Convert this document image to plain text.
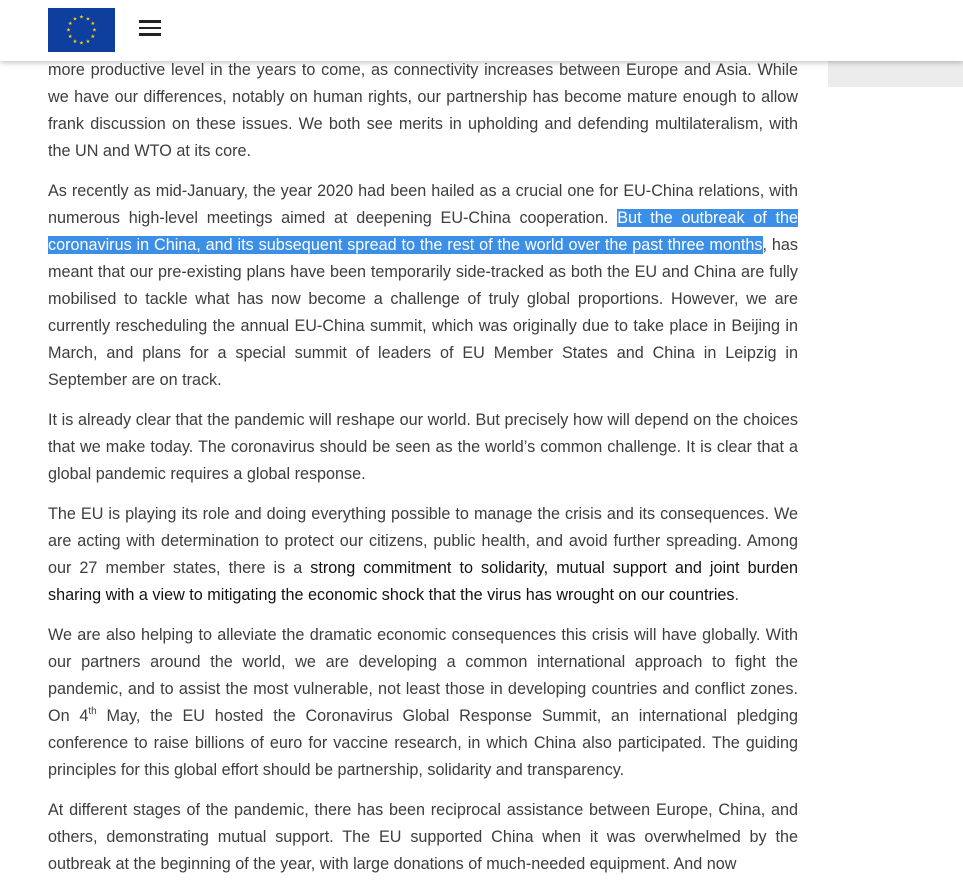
more productive level in the years to come, as connectivity increases between Europe and Asia. While we have our differences, notably on human rights, our partnership has become mature enough to allow frank discussion on these issues. We both see merits in upholding and defending multilateralism, with the UN and WTO at its core.

As recently as mid-January, the year 2020 had been hailed as a crucial one for EU-China relations, with numerous high-level meetings aimed at deepening EU-China cooperation. But the outbreak of the coronavirus in China, and its subsequent spread to the rest of the world over the past three months, has meant that our pre-existing plans have been temporarily side-tracked as both the EU and China are fully mobilised to tackle what has now become a challenge of truly global proportions. However, we are currently rescheduling the annual EU-China summit, which was originally due to take place in Beijing in March, and plans for a special summit of leaders of EU Member States and China in Leipzig in September are on track.

It is already clear that the pandemic will reshape our world. But precisely how will depend on the choices that we make today. The coronavirus should be seen as the world’s common challenge. It is clear that a global pandemic requires a global response.

The EU is playing its role and doing everything possible to manage the crisis and its consequences. We are acting with determination to protect our citizens, public health, and avoid further spreading. Among our 27 member states, there is a strong commitment to solidarity, mutual support and joint burden sharing with a view to mitigating the economic shock that the virus has wrought on our countries.

We are also helping to alleviate the dramatic economic consequences this crisis will have globally. With our partners around the world, we are developing a common international approach to fight the pandemic, and to assist the most vulnerable, not least those in developing countries and conflict zones. On 4th May, the EU hosted the Coronavirus Global Response Summit, an international pledging conference to raise billions of euro for vaccine research, in which China also participated. The guiding principles for this global effort should be partnership, solidarity and transparency.

At different stages of the pandemic, there has been reciprocal assistance between Europe, China, and others, demonstrating mutual support. The EU supported China when it was overwhelmed by the outbreak at the beginning of the year, with large donations of much-needed equipment. And now

★ ★
★
★
★
★
★
★
★
★
★
★
